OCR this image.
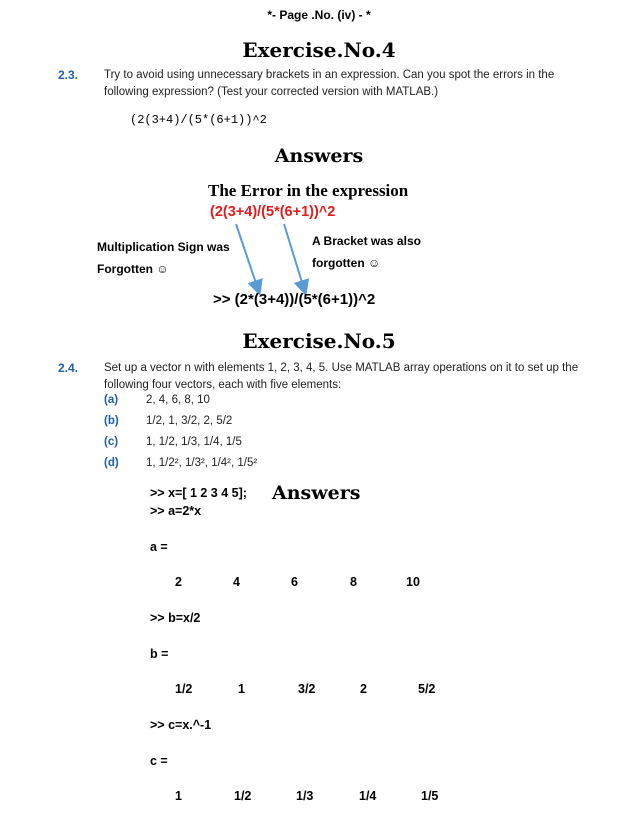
*- Page .No. (iv) - *
Exercise.No.4
2.3. Try to avoid using unnecessary brackets in an expression. Can you spot the errors in the following expression? (Test your corrected version with MATLAB.)
(2(3+4)/(5*(6+1))^2
Answers
The Error in the expression
(2(3+4)/(5*(6+1))^2
Multiplication Sign was Forgotten ☺
A Bracket was also forgotten ☺
>> (2*(3+4))/(5*(6+1))^2
Exercise.No.5
2.4. Set up a vector n with elements 1, 2, 3, 4, 5. Use MATLAB array operations on it to set up the following four vectors, each with five elements:
(a) 2, 4, 6, 8, 10
(b) 1/2, 1, 3/2, 2, 5/2
(c) 1, 1/2, 1/3, 1/4, 1/5
(d) 1, 1/2², 1/3², 1/4², 1/5²
>> x=[ 1 2 3 4 5]; Answers
>> a=2*x
a =
2	4	6	8	10
>> b=x/2
b =
1/2	1	3/2	2	5/2
>> c=x.^-1
c =
1	1/2	1/3	1/4	1/5
